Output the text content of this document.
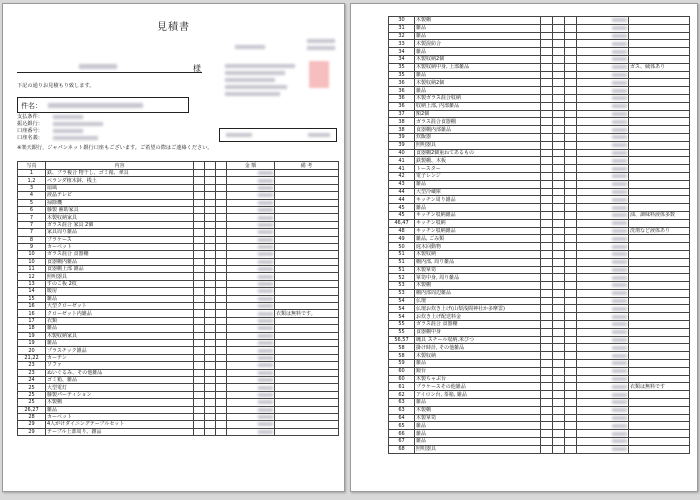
見積書
様
下記の通りお見積もり致します。
件名：
支払条件：
振込銀行：
口座番号：
口座名義：
※楽天銀行、ジャパンネット銀行口座もございます。ご希望の際はご連絡ください。
写真	内容				金 額	備 考
1	鉄、プラ複合 物干し、ゴミ箱、傘具				

1,2	ベランダ植木鉢、桟土				

3	扇風				

4	液晶テレビ				

5	掃除機				

6	藤製 補助家具				

7	木製収納家具				

7	ガラス混合 家具 2個				

7	家具周り雑品				

8	プラケース				

9	カーペット				

10	ガラス混合 食器棚				

10	食器棚内雑品				

11	食器棚上部 雑品				

12	照明器具				

13	すのこ板 2枚				

14	暖房				

15	雑品				

16	大型クローゼット				

16	クローゼット内雑品					衣類は無料です。
17	衣類				

18	雑品				

19	木製収納家具				

19	雑品				

20	プラスチック雑品				

21,22	カーテン				

23	ソファ				

23	ぬいぐるみ、その他雑品				

24	ゴミ箱、雑品				

25	大型電灯				

25	藤製パーティション				

25	木製棚				

26,27	雑品				

28	カーペット				

29	4人がけダイニングテーブルセット				

29	テーブル上部周り、雑品				

30	木製棚				

31	雑品				

32	雑品				

33	木製混紡合				

34	雑品				

34	木製収納2個				

35	木製収納中身, 上部雑品					ガス、絨体あり
35	雑品				

36	木製収納2個				

36	雑品				

36	木製ガラス混合収納				

36	収納上部, 内部雑品				

37	額2個				

38	ガラス混合食器棚				

38	食器棚内部雑品				

39	炊飯器				

39	照明器具				

40	食器棚2個重ねてあるもの				

41	鉄製棚、木板				

41	トースター				

42	電子レンジ				

43	雑品				

44	大型冷蔵庫				

44	キッチン周り雑品				

45	雑品				

45	キッチン収納雑品					油、調味料液体多数
46,47	キッチン収納				

48	キッチン収納雑品					洗剤など液体あり
49	雑品, ごみ類				

50	庭木回動物				

51	木製収納				

51	棚内部, 周り雑品				

51	木製箪笥				

52	箪笥中身, 周り雑品				

53	木製棚				

53	棚内部周辺雑品				

54	仏壇				

54	仏壇お炊き上げ(山梨浅間神社か多摩霊)				

54	お炊き上げ配送料金				

55	ガラス混合 食器棚				

55	食器棚中身				

56,57	縄具 スチール収納,米びつ				

58	掛け時計, その他雑品				

58	木製収納				

59	雑品				

60	鏡台				

60	木製ちゃぶ台				

61	プラケースその他雑品					衣類は無料です
62	アイロン台, 茶箱, 雑品				

63	雑品				

63	木製棚				

64	木製箪笥				

65	雑品				

66	雑品				

67	雑品				

68	照明器具				
